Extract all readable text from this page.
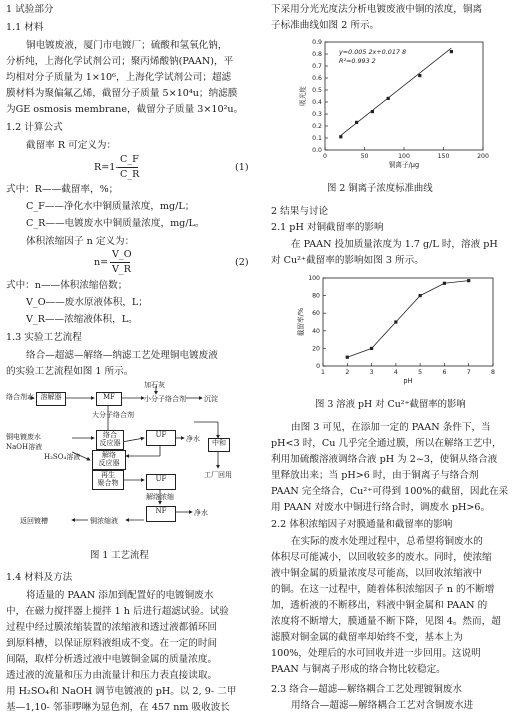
1 试验部分
1.1 材料
铜电镀废液，厦门市电镀厂；硫酸和氢氧化钠，
分析纯，上海化学试剂公司；聚丙烯酸钠(PAAN)，平
均相对分子质量为 1×10⁶，上海化学试剂公司；超滤
膜材料为聚偏氟乙烯，截留分子质量 5×10⁴u；纳滤膜
为GE osmosis membrane，截留分子质量 3×10²u。
1.2 计算公式
截留率 R 可定义为：
R=1-
C_F
C_R
(1)
式中：R——截留率，%；
C_F——净化水中铜质量浓度，mg/L；
C_R——电镀废水中铜质量浓度，mg/L。
体积浓缩因子 n 定义为：
n=
V_O
V_R
(2)
式中：n——体积浓缩倍数；
V_O——废水原液体积，L；
V_R——浓缩液体积，L。
1.3 实验工艺流程
络合—超滤—解络—纳滤工艺处理铜电镀废液
的实验工艺流程如图 1 所示。
络合剂水 溶解器	MF
加石灰
小分子络合剂	沉淀
大分子络合剂
铜电镀废水
NaOH溶液
络合
反应器
UF	净水
H₂SO₄溶液	解络
反应器
再生
聚合物	UF
中和
工厂回用
解络浓缩
NF	净水
铜浓缩液
返回镀槽
图 1 工艺流程
1.4 材料及方法
将适量的 PAAN 添加到配置好的电镀铜废水
中，在磁力搅拌器上搅拌 1 h 后进行超滤试验。试验
过程中经过膜浓缩装置的浓缩液和透过液都循环回
到原料槽，以保证原料液组成不变。在一定的时间
间隔，取样分析透过液中电镀铜金属的质量浓度。
透过液的流量和压力由流量计和压力表直接读取。
用 H₂SO₄和 NaOH 调节电镀液的 pH。以 2, 9- 二甲
基—1,10- 邻菲啰啉为显色剂，在 457 nm 吸收波长
下采用分光光度法分析电镀废液中铜的浓度，铜离
子标准曲线如图 2 所示。
0	50	100	150	200
0.0
0.1
0.2
0.3
0.4
0.5
0.6
0.7
0.8
0.9
铜离子/μg
吸光度
y=0.005 2x+0.017 8
R²=0.993 2
图 2 铜离子浓度标准曲线
2 结果与讨论
2.1 pH 对铜截留率的影响
在 PAAN 投加质量浓度为 1.7 g/L 时，溶液 pH
对 Cu²⁺截留率的影响如图 3 所示。
1	2	3	4	5	6	7	8
0
20
40
60
80
100
pH
截留率/%
图 3 溶液 pH 对 Cu²⁺截留率的影响
由图 3 可见，在添加一定的 PAAN 条件下，当
pH<3 时，Cu 几乎完全通过膜，所以在解络工艺中，
利用加硫酸溶液调络合液 pH 为 2~3，使铜从络合液
里释放出来；当 pH>6 时，由于铜离子与络合剂
PAAN 完全络合，Cu²⁺可得到 100%的截留，因此在采
用 PAAN 对废水中铜进行络合时，调废水 pH>6。
2.2 体积浓缩因子对膜通量和截留率的影响
在实际的废水处理过程中，总希望将铜废水的
体积尽可能减小，以回收较多的废水。同时，使浓缩
液中铜金属的质量浓度尽可能高，以回收浓缩液中
的铜。在这一过程中，随着体积浓缩因子 n 的不断增
加，透析液的不断移出，料液中铜金属和 PAAN 的
浓度将不断增大，膜通量不断下降，见图 4。然而，超
滤膜对铜金属的截留率却始终不变，基本上为
100%，处理后的水可回收并进一步回用。这说明
PAAN 与铜离子形成的络合物比较稳定。
2.3 络合—超滤—解络耦合工艺处理镀铜废水
用络合—超滤—解络耦合工艺对含铜废水进
